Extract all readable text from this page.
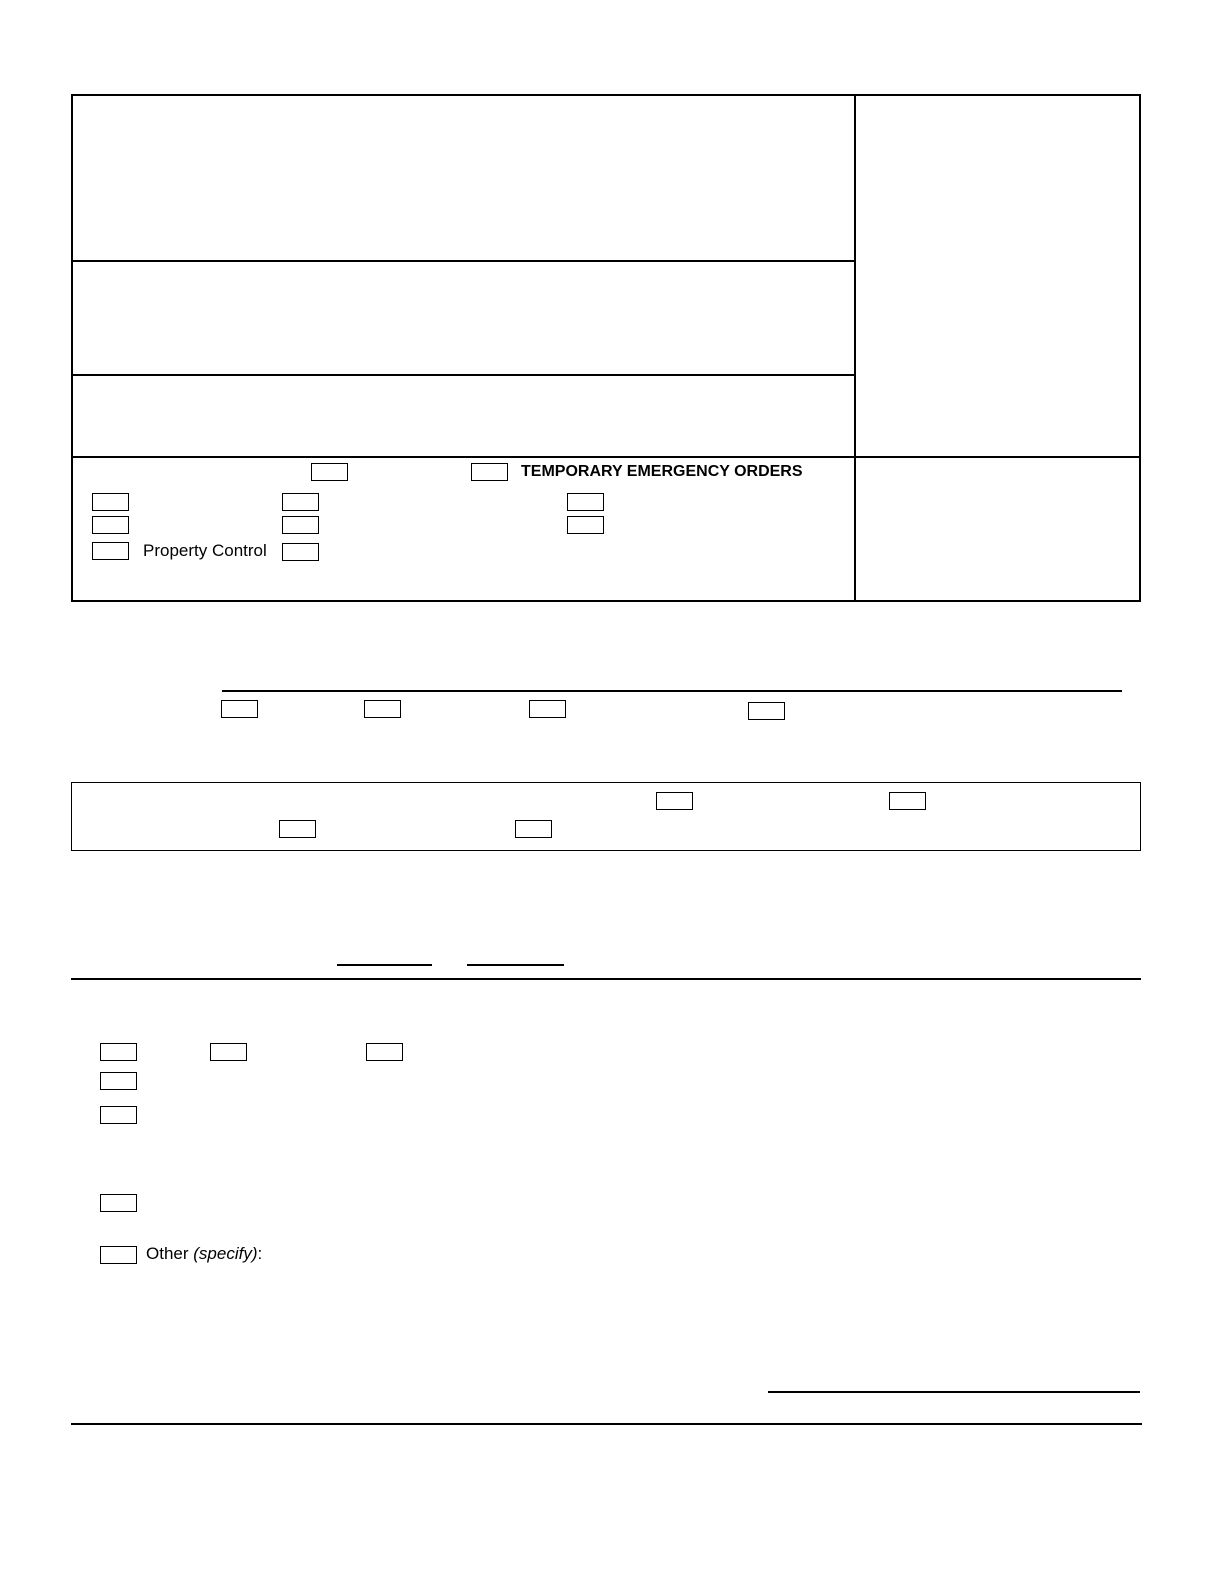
TEMPORARY EMERGENCY ORDERS
Property Control
Other (specify):
